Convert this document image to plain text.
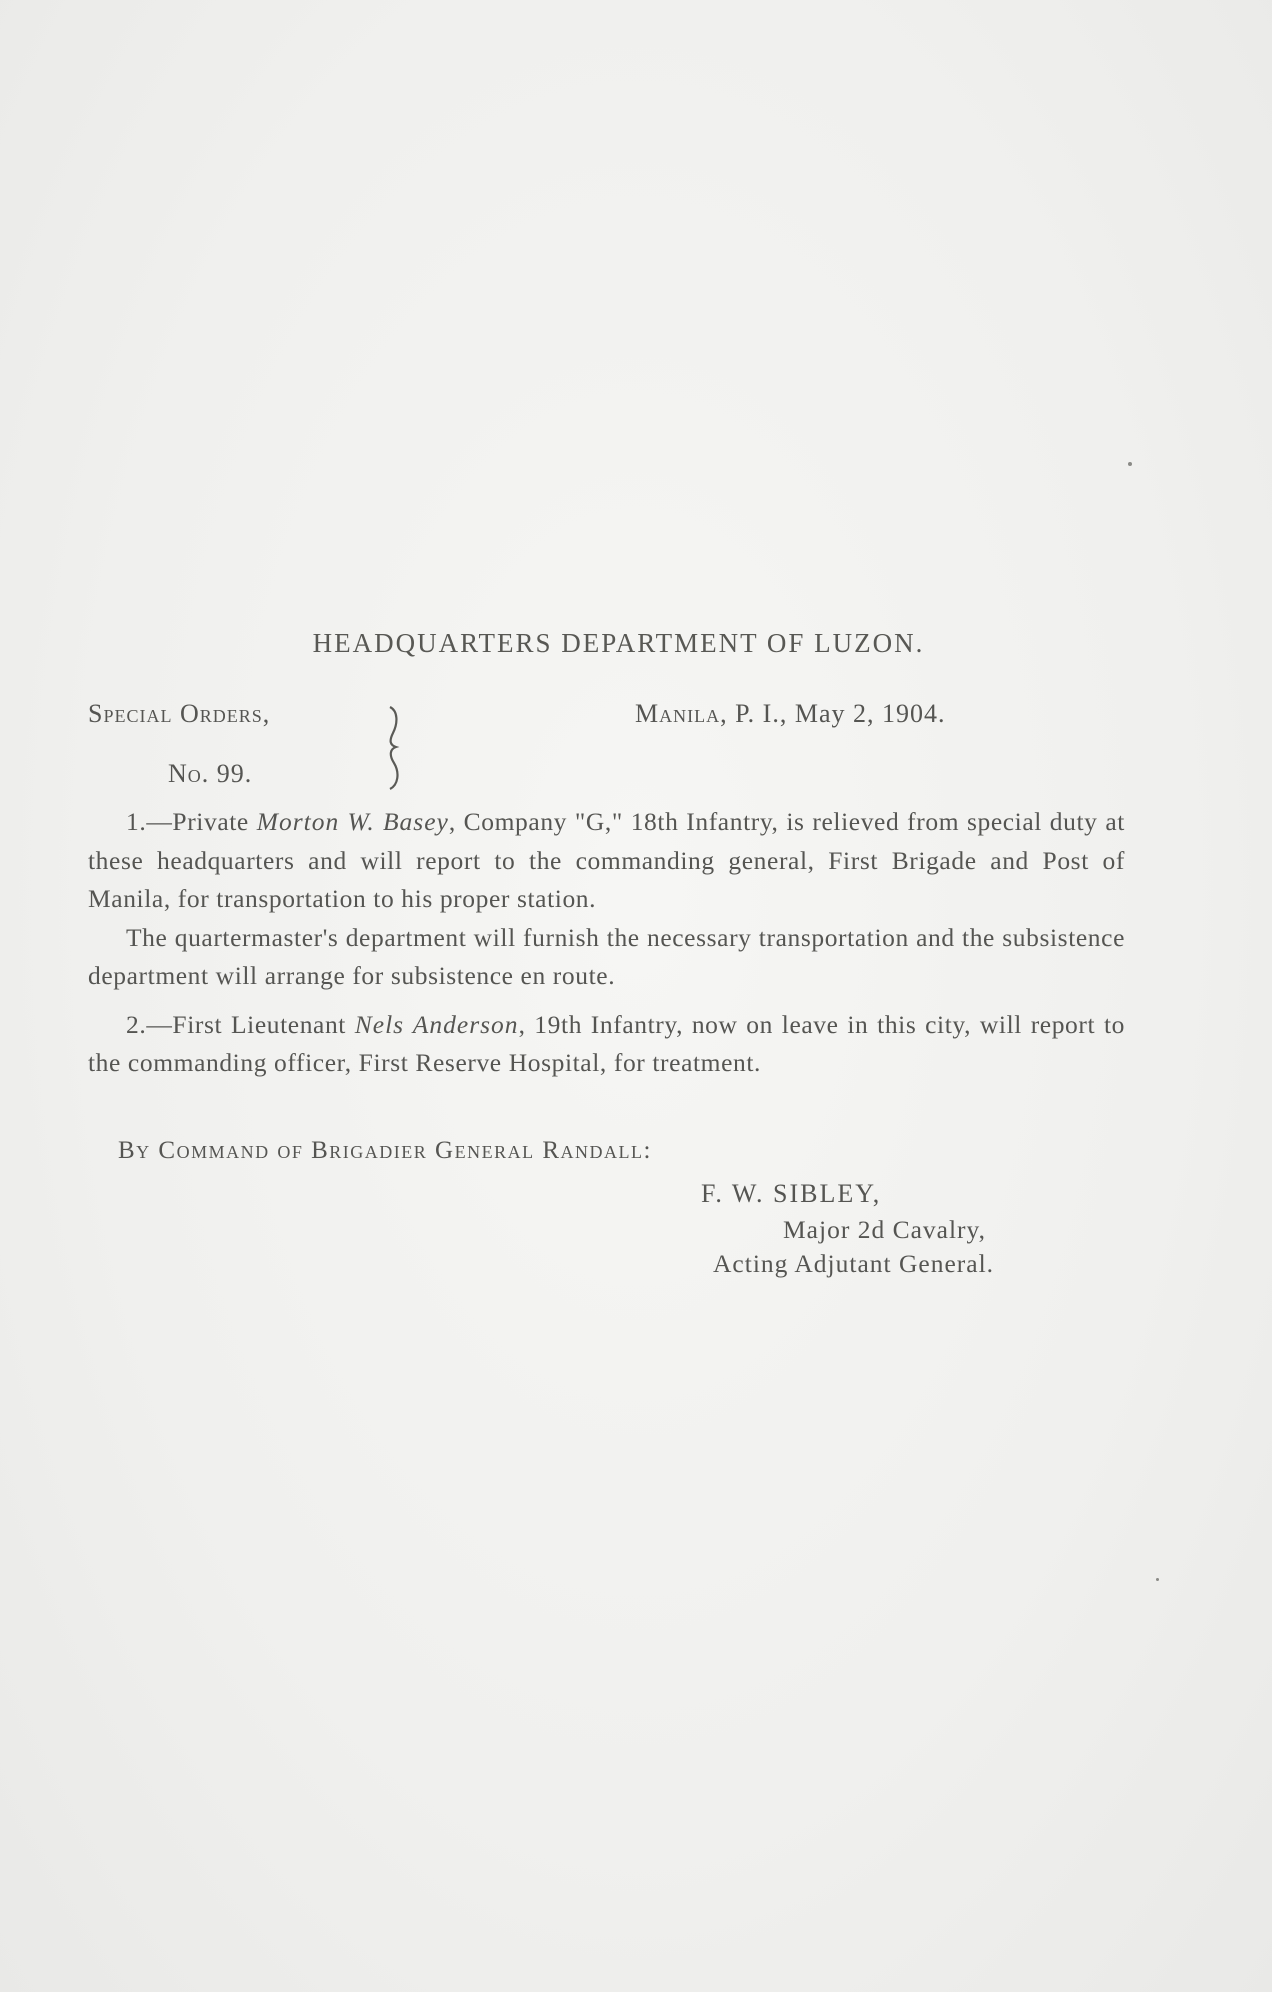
HEADQUARTERS DEPARTMENT OF LUZON.
Special Orders,
No. 99.
Manila, P. I., May 2, 1904.

1.—Private Morton W. Basey, Company "G," 18th Infantry, is relieved from special duty at these headquarters and will report to the commanding general, First Brigade and Post of Manila, for transportation to his proper station.

The quartermaster's department will furnish the necessary transportation and the subsistence department will arrange for subsistence en route.

2.—First Lieutenant Nels Anderson, 19th Infantry, now on leave in this city, will report to the commanding officer, First Reserve Hospital, for treatment.

By Command of Brigadier General Randall:
F. W. SIBLEY,
Major 2d Cavalry,
Acting Adjutant General.
